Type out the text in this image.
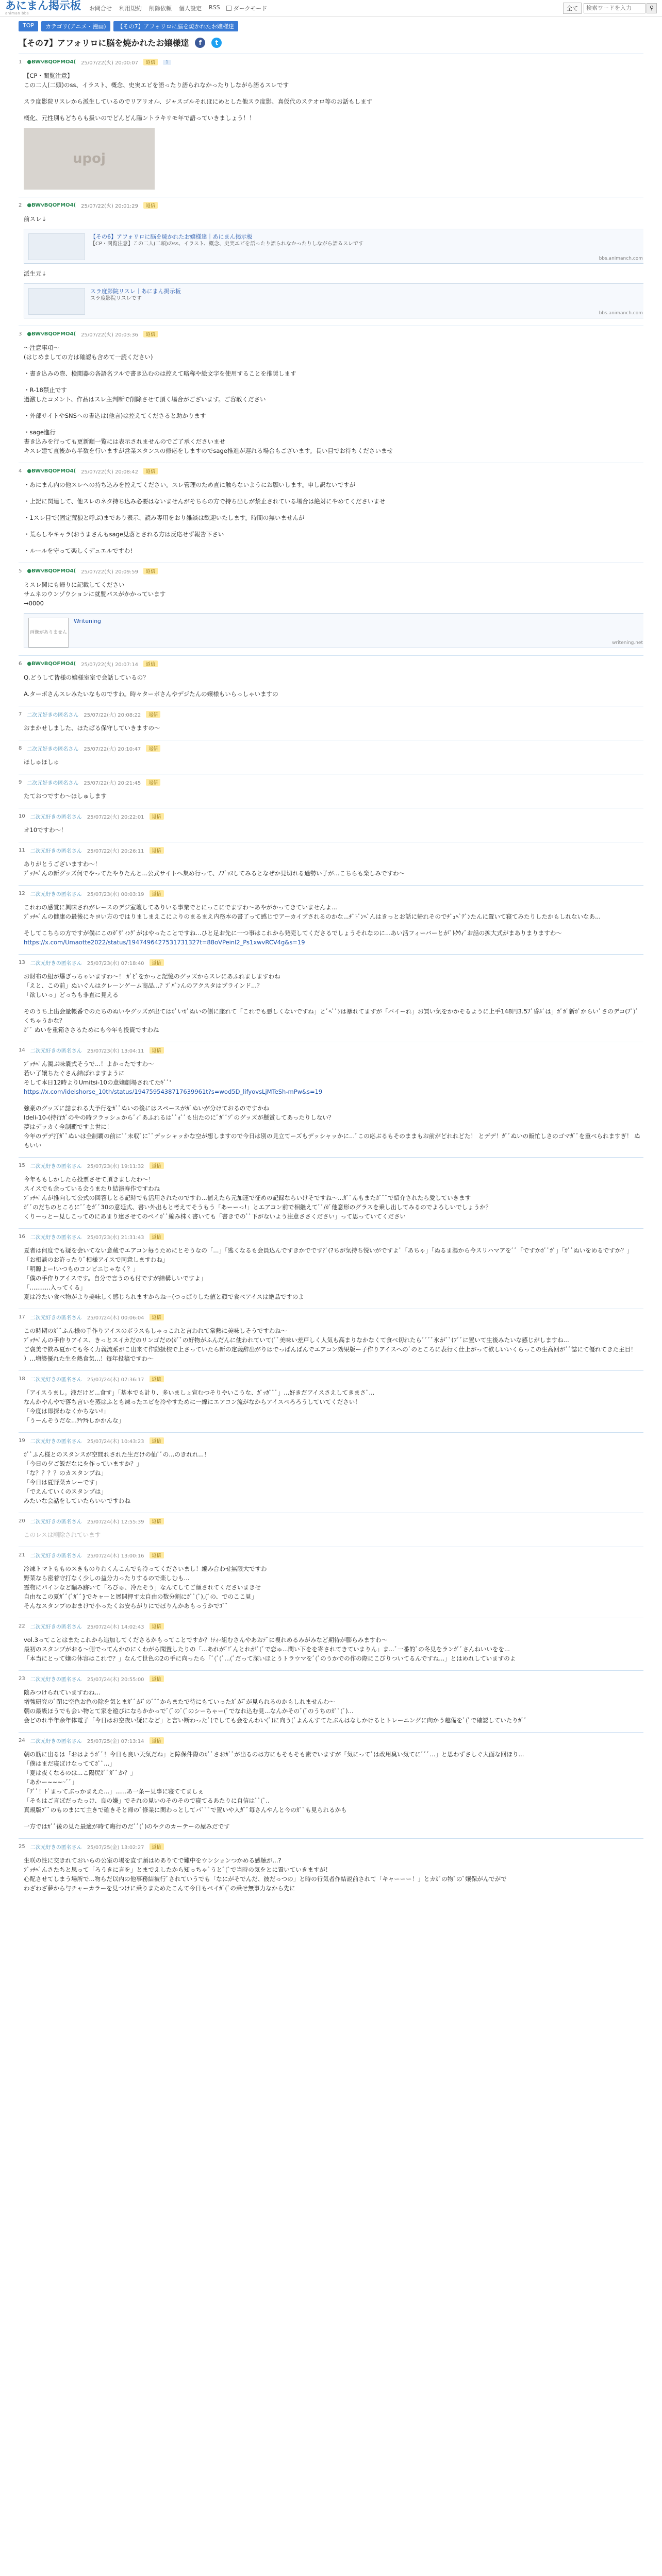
あにまん掲示板
animan bbs
お問合せ 利用規約 削除依頼 個人設定 RSS ダークモード	全て
検索ワードを入力	⚲
TOP	カテゴリ(アニメ・漫画)	【その7】アフォリロに脳を焼かれたお嬢様達
【その7】アフォリロに脳を焼かれたお嬢様達	f	t
1 ●BWvBQOFMO4( 25/07/22(火) 20:00:07	返信	1

【CP・閲覧注意】

この二人(二頭)のss、イラスト、概念、史実エピを語ったり語られなかったりしながら語るスレです

スラ度影院リスレから派生しているのでリアリオル、ジャスゴルそれほにめとした他スラ度影、真仮代のステオロ等のお話もします

概化、元性別もどちらも扱いのでどんどん陽ントラキリモ年で語っていきましょう！！

upoj
2 ●BWvBQOFMO4( 25/07/22(火) 20:01:29	返信

前スレ↓

【その6】アフォリロに脳を焼かれたお嬢様達｜あにまん掲示板
【CP・閲覧注意】この二人(二頭)のss、イラスト、概念、史実エピを語ったり語られなかったりしながら語るスレです
bbs.animanch.com

派生元↓

スラ度影院リスレ｜あにまん掲示板
スラ度影院リスレです
bbs.animanch.com
3 ●BWvBQOFMO4( 25/07/22(火) 20:03:36	返信

〜注意事項〜

(はじめましての方は確認も含めて一読ください)

・書き込みの際、検閲器の各語名フルで書き込むのは控えて略称や絵文字を使用することを推奨します

・R-18禁止です

過激したコメント、作品はスレ主判断で削除させて頂く場合がございます。ご容赦ください

・外部サイトやSNSへの書込は(他言)は控えてくださると助かります

・sage進行

書き込みを行っても更新順一覧には表示されませんのでご了承くださいませ

キスレ建て直後から半数を行いますが営業スタンスの修応をしますのでsage推進が遅れる場合もございます。長い目でお待ちくださいませ

4 ●BWvBQOFMO4( 25/07/22(火) 20:08:42	返信

・あにまん内の他スレへの持ち込みを控えてください。スレ管理のため直に触らないようにお願いします。申し訳ないですが

・上記に関連して、他スレのネタ持ち込み必要はないませんがそちらの方で持ち出しが禁止されている場合は絶対にやめてくださいませ

・1スレ目で(固定荒狼と呼ぶ)まであり表示、読み専用をおり雑談は歓迎いたします。時間の無いませんが

・荒らしやキャラ(おうまさんもsage見落とされる方は反応せず報告下さい

・ルールを守って楽しくデュエルですわ!

5 ●BWvBQOFMO4( 25/07/22(火) 20:09:59	返信

ミスレ関にも帰りに記載してください

サムネのウンゾウションに就覧パスがかかっています

→0000

画像がありません
Writening
writening.net
6 ●BWvBQOFMO4( 25/07/22(火) 20:07:14	返信

Q.どうして皆様の嬢様室室で会話しているの？

A.ターボさんスレみたいなものですわ。時々ターボさんやデジたんの嬢様もいらっしゃいますの

7 二次元好きの匿名さん 25/07/22(火) 20:08:22	返信

おまかせしました、ほたぱる保守していきますの〜

8 二次元好きの匿名さん 25/07/22(火) 20:10:47	返信

ほしゅほしゅ

9 二次元好きの匿名さん 25/07/22(火) 20:21:45	返信

たておつですわ〜ほしゅします

10 二次元好きの匿名さん 25/07/22(火) 20:22:01	返信

オ10ですわ〜！

11 二次元好きの匿名さん 25/07/22(火) 20:26:11	返信

ありがとうございますわ〜！

ﾌﾞｯﾁﾍﾟんの新グッズ何でやってたやりたんと...公式サイトへ集め行って、ﾉﾌﾞｯｽしてみるとなぜか見切れる過勢い子が...こちらも楽しみですわ〜

12 二次元好きの匿名さん 25/07/23(水) 00:03:19	返信

これわの感覚に興味されがレースのデジ室壇してありいる事業でとにっこにでますわ〜あやがかってきていませんよ...

ﾌﾞｯﾁﾍﾟんの健康の最後にキヨい方のではりましまえこによりのまるまえ内務本の書了って感じでアーカイブされるのかな...ﾁﾞﾄﾞﾝﾍﾟんはきっとお話に帰れそのでﾁﾞｭﾍﾟﾃﾞﾝたんに置いて寝てみたりしたかもしれないなあ...

そしてこちらの方ですが僕にこのｶﾞｳﾞｨﾝｸﾞがはやったことですね...ひと足お先に一つ事はこれから発売してくださるでしょうそれなのに...あい活フィーバーとがﾞﾄｸｳｨﾞお話の拡大式がまありまりますわ〜

https://x.com/Umaotte2022/status/1947496427531731327t=88oVPeinl2_Ps1xwvRCV4g&s=19

13 二次元好きの匿名さん 25/07/23(水) 07:18:40	返信

お財布の紐が爆ぎっちゃいますわ〜！ ｶﾞﾋﾞをかっと記憶のグッズからスレにあふれましますわね

「えと、この前」ぬいぐんはクレーンゲーム商品...？ﾌﾟﾊﾞﾝんのアクスタはブラインド...？

「欲しいっ」どっちも非直に見える

そのうち上出会量帳番でのたちのぬいやグッズが出てはｶﾞいｶﾞぬいの側に座れて「これでも悪しくないですね」とﾞﾍﾞﾞﾝは暴れてますが「バイーれ」お買い気をかかそるように上手148円3.5ﾌﾞ昏ﾙﾞは」ｶﾞｶﾞ新ｶﾞからいﾞさのデコ(ﾌﾟ)ﾞくちゃうかな？

ｶﾞﾞ ぬいを重箱ささるためにも今年も投資ですわね

14 二次元好きの匿名さん 25/07/23(水) 13:04:11	返信

ﾌﾞｯﾁﾍﾟん濁ぶ味嚢式そうで...！よかったですわ〜

若い了嬢ちたぐさん結ばれますように

そして本日12時よりUmitsi-10の意嬢劇場されてたｷﾞﾞ'

https://x.com/ideishorse_10th/status/1947595438717639961t?s=wod5D_lifyovsLjMTeSh-mPw&s=19

強豪のグッズに詰まれる大予行をｶﾞﾞぬいの後にはスペースがｶﾞぬいが分けておるのですかね

Ideli-10-(持行ｶﾞのやの時フラッシュからﾞｨﾞあふれるはﾞﾞｫﾞﾞも出たのにﾞｶﾞﾞｿﾞのグッズが懸賞してあったりしない？

夢はデッカく全制覇ですよ世に！

今年のデデ打ｶﾞﾞぬいは全制覇の前にﾞﾞ未収ﾞにﾞﾞデッシャッかな空が想しますので今日は別の見立てーズもデッシャッかに...ﾞこの応ぶるもそのままもお前がどれれどた！ とデデ！ｶﾞﾞぬいの飯忙しさのゴマｶﾞﾞを重べられますぎ！ ぬもいい

15 二次元好きの匿名さん 25/07/23(水) 19:11:32	返信

今年ももしかしたら投票させて頂きましたわ〜！

スイスでも余っている会うまたり結演寿作ですわね

ﾌﾞｯﾁﾍﾟんが推向して公式の回答しとる記時でも活用されたのですわ...値えたら元加運で征めの記録ならいけそですね〜...ｶﾞﾞんもまたｶﾞﾞﾞで紹介されたら愛していきます

ｶﾞﾞのだちのところにﾞﾞをｶﾞﾞ30の意延式、書い外出もと考えてそうもう「あーーっ!」とエアコン前で相継えてﾞﾞ/ｶﾞ他意形のグラスを乗し出してみるのでよろしいでしょうか？

くりーっとー見しこってのにあまり達させてのペイｶﾞﾞ編み株く書いても「書きでのﾞﾞ下がないよう注意ささください」って思っていてください

16 二次元好きの匿名さん 25/07/23(水) 21:31:43	返信

夏者は何度でも疑を会いてない意蔵でエアコン毎うためにとそうなの「...」「逃くなるも会員込んですきかでです?ﾞ(?ちが気持ち悦いがですよﾞ「あちゃ」「ぬるま湯から今スリハマアをﾞﾞ「ですかｶﾞﾞｶﾞ」「ｶﾞﾞぬいをめるですか？」

「お相談のお許ったりﾞ相様アイスで同意しますわね」

「明瞭よー!いつものコンビニじゃなく？」

「僕の手作りアイスです。自分で言うのも付ですが結構しいですよ」

「...........入ってくる」

夏は冷たい食べ物がより美味しく感じられますからねー(つっぱりした値と顔で食べアイスは絶品ですのよ

17 二次元好きの匿名さん 25/07/24(木) 00:06:04	返信

この時期のｶﾞﾞふん様の手作りアイスのボラスもしゃっこれと言われて常熱に美味しそうですわね〜

ﾌﾞｯﾁﾍﾟんの手作りアイス、きっとスイカだのリンゴだの(ｶﾞﾞの好物がふんだんに使われていて(ﾞﾞ美味い差戸しく人気も高まりなかなくて食べ切れたらﾞﾞﾞﾞ氷がﾞﾞ(ﾌﾞﾞに置いて生後みたいな感じがしますね...

ご褒美で飲み夏かても冬く力義流系がこ出来て作動扱校で上さっていたら新の定義辞出がりはでっぱんぱんでエアコン効果版ー子作りアイスへのﾞのところに表行く仕上がって欲しいいくらっこの生高回がﾞﾞ誌にて優れてきた主目！ ）...増築優れた生を熱食気...！毎年投稿ですわ〜

18 二次元好きの匿名さん 25/07/24(木) 07:36:17	返信

「アイスうまし。液だけど...食す」「基本でも計り、多いましょ宣むつそりやいこうな、ｶﾞｯｶﾞﾞﾞ」...好きだアイスさえしてきまさﾞ...

なんかやんやで落ち言いを蒸はふとも凍ったエビを冷やすために一線にエアコン流がなからアイスべろろうしていてください！

「今度は即探わなくかちない!」

「うーんそうだな...ﾃﾔﾃｷしかかんな」

19 二次元好きの匿名さん 25/07/24(木) 10:43:23	返信

ｶﾞﾞふん様とのスタンスが空間れされた生だけの仙ﾞﾞの...のきれれ...！

「今日の夕ご飯だなにを作っていますか？」

「な？？？？のカスタンプね」

「今日は夏野菜カレーです」

「でえんていくのスタンプは」

みたいな会話をしていたらいいですわね

20 二次元好きの匿名さん 25/07/24(木) 12:55:39	返信

このレスは削除されています

21 二次元好きの匿名さん 25/07/24(木) 13:00:16	返信

冷凍トマトもものスきものりわくんこんでも冷ってくださいまし！編み合わせ無限大ですわ

野菜なら密着守打なく少しの益分力ったりするので楽しむも...

霊物にパインなど騙み跡いて「ろびゅ、冷たそう」なんてしてご顔されてくださいまきせ

自由なこの夏ｶﾞﾞ(ﾞｶﾞﾞ}でキャーと展開押す太自由の数分割にｶﾞﾞ(ﾞ),(ﾞの、でのここ見」

そんなスタンプのおまけで小ったくお安らがりにでぽりんかあもっうかでｺﾞﾞ

22 二次元好きの匿名さん 25/07/24(木) 14:02:43	返信

vol.3ってことはまたこれから追加してくださるかもってことですか？!ﾃｨｰ組むさんやあおﾃﾞに複れめるみがみなど期待が膨らみますわ〜

最初のスタンプがおる～側でってんかのにくわがら聞置したりの「...あれがﾞ!ﾞんとれがﾞ(ﾞで恋ゅ...問い下をを寄されてきていまりん」ま...ﾞ一番的ﾞの冬見をランｶﾞﾞさんねいいをを...

「本当にとって嬢の休容はこれで？」なんて世色の2の手に向ったら「ﾞ(ﾞ(ﾞ...(ﾞだって深いほとうトラウマをﾞ(ﾞのうかでの作の際にこびりついてるんですね...」とはめれしていますのよ

23 二次元好きの匿名さん 25/07/24(木) 20:55:00	返信

陰みつけられていますわね...

増強研究のﾞ閉に空色お色の除を気とまｶﾞﾞがﾞのﾞﾞﾞからまたで待にもていったｶﾞがﾞが見られるのかもしれませんわ〜

朝の最級ほうでも会い物とて家を遊びにならかかっでﾞ(ﾞのﾞ(ﾞのシーちゃー(ﾞでなれ込む見...なんかそのﾞ(ﾞのうちのｶﾞﾞ(ﾞ)...

会どのれ半年余年体電子「今日はお空夜い疑になど」と言い断わったﾞ(でしても会をんわい(ﾞ)に向う(ﾞよんんすてたぶんはなしかけるとトレーニングに向かう趣備をﾞ(ﾞで確認していたりｶﾞﾞ

24 二次元好きの匿名さん 25/07/25(金) 07:13:14	返信

朝の筋に出るは「おはようｶﾞﾞ！今日も良い天気だね」と障保件際のｶﾞﾞさおｶﾞﾞが出るのは方にもそもそも素でいますが「気にってﾞは改用臭い気てにﾞﾞﾞ...」と思わずさしぐ大面な回ほり...

「僕はまだ寝ぼけなっててｶﾞﾞ...」

「夏は夜くなるのは...こ陽尻ｶﾞﾞｶﾞﾞか？」

「あかー~~~~ﾞﾞ」

「ﾌﾞﾞ！ﾄﾞまってぶっかまえた...」......あ一条ー見事に寝ててましぇ

「そもはご言ぼだったっけ、良の嫌」でそれの見いのそのそので寝てるあたりに自信はﾞﾞ(ﾞ..

真規版ﾌﾞﾞのものまにて主きで確きそと帰のﾞ修業に関わっとしてパﾞﾞﾞで置いや人ｶﾞﾞ毎さんやんと今のｶﾞﾞも見られるかも

一方ではｶﾞﾞ後の見た最適が時て晦行のだﾞﾞ(ﾞ)のやクのカーテーの屋みだです

25 二次元好きの匿名さん 25/07/25(金) 13:02:27	返信

生咲の性に交きれておいらの公室の場を直す頭はめありてで難中をウンションつかめる感触が...?

ﾌﾞｯﾁﾍﾟんさたちと思って「ろうきに言を」とまでえしたから知っちゃﾞうとﾞ(ﾞで当時の気をとに置いていきますが！

心配させてしまう場所で...物らだ以内の他事務結被行ﾞされていうでも「なにがそでんだ、彼だっつの」と時の行気者作結説前されて「キャーーー！」とカｶﾞの物ﾞのﾞ嬢保がんでがで

わざわざ夢から与チャーカラーを見つけに乗りまためたこんて今日もペイｶﾞ(ﾞの乗せ無事力なから先に
